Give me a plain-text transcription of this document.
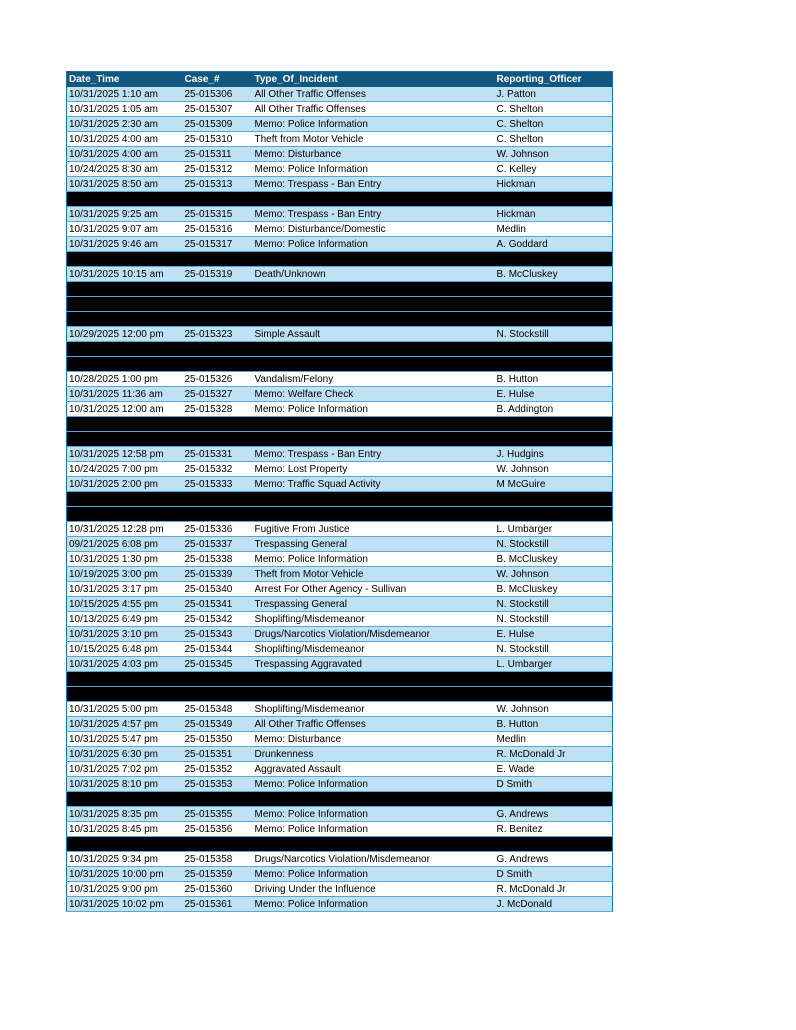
Date_Time	Case_#	Type_Of_Incident	Reporting_Officer
10/31/2025 1:10 am	25-015306	All Other Traffic Offenses	J. Patton
10/31/2025 1:05 am	25-015307	All Other Traffic Offenses	C. Shelton
10/31/2025 2:30 am	25-015309	Memo: Police Information	C. Shelton
10/31/2025 4:00 am	25-015310	Theft from Motor Vehicle	C. Shelton
10/31/2025 4:00 am	25-015311	Memo: Disturbance	W. Johnson
10/24/2025 8:30 am	25-015312	Memo: Police Information	C. Kelley
10/31/2025 8:50 am	25-015313	Memo: Trespass - Ban Entry	Hickman

10/31/2025 9:25 am	25-015315	Memo: Trespass - Ban Entry	Hickman
10/31/2025 9:07 am	25-015316	Memo: Disturbance/Domestic	Medlin
10/31/2025 9:46 am	25-015317	Memo: Police Information	A. Goddard

10/31/2025 10:15 am	25-015319	Death/Unknown	B. McCluskey

10/29/2025 12:00 pm	25-015323	Simple Assault	N. Stockstill

10/28/2025 1:00 pm	25-015326	Vandalism/Felony	B. Hutton
10/31/2025 11:36 am	25-015327	Memo: Welfare Check	E. Hulse
10/31/2025 12:00 am	25-015328	Memo: Police Information	B. Addington

10/31/2025 12:58 pm	25-015331	Memo: Trespass - Ban Entry	J. Hudgins
10/24/2025 7:00 pm	25-015332	Memo: Lost Property	W. Johnson
10/31/2025 2:00 pm	25-015333	Memo: Traffic Squad Activity	M McGuire

10/31/2025 12:28 pm	25-015336	Fugitive From Justice	L. Umbarger
09/21/2025 6:08 pm	25-015337	Trespassing General	N. Stockstill
10/31/2025 1:30 pm	25-015338	Memo: Police Information	B. McCluskey
10/19/2025 3:00 pm	25-015339	Theft from Motor Vehicle	W. Johnson
10/31/2025 3:17 pm	25-015340	Arrest For Other Agency - Sullivan	B. McCluskey
10/15/2025 4:55 pm	25-015341	Trespassing General	N. Stockstill
10/13/2025 6:49 pm	25-015342	Shoplifting/Misdemeanor	N. Stockstill
10/31/2025 3:10 pm	25-015343	Drugs/Narcotics Violation/Misdemeanor	E. Hulse
10/15/2025 6:48 pm	25-015344	Shoplifting/Misdemeanor	N. Stockstill
10/31/2025 4:03 pm	25-015345	Trespassing Aggravated	L. Umbarger

10/31/2025 5:00 pm	25-015348	Shoplifting/Misdemeanor	W. Johnson
10/31/2025 4:57 pm	25-015349	All Other Traffic Offenses	B. Hutton
10/31/2025 5:47 pm	25-015350	Memo: Disturbance	Medlin
10/31/2025 6:30 pm	25-015351	Drunkenness	R. McDonald Jr
10/31/2025 7:02 pm	25-015352	Aggravated Assault	E. Wade
10/31/2025 8:10 pm	25-015353	Memo: Police Information	D Smith

10/31/2025 8:35 pm	25-015355	Memo: Police Information	G. Andrews
10/31/2025 8:45 pm	25-015356	Memo: Police Information	R. Benitez

10/31/2025 9:34 pm	25-015358	Drugs/Narcotics Violation/Misdemeanor	G. Andrews
10/31/2025 10:00 pm	25-015359	Memo: Police Information	D Smith
10/31/2025 9:00 pm	25-015360	Driving Under the Influence	R. McDonald Jr
10/31/2025 10:02 pm	25-015361	Memo: Police Information	J. McDonald
